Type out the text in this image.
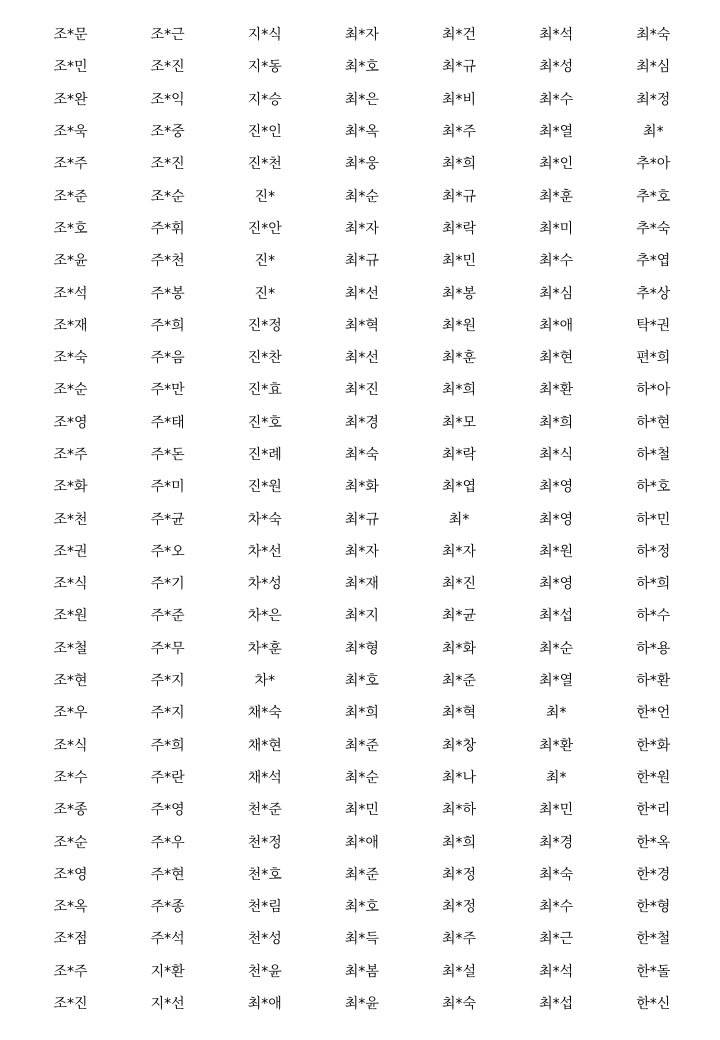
조*문	조*근	지*식	최*자	최*건	최*석	최*숙
조*민	조*진	지*동	최*호	최*규	최*성	최*심
조*완	조*익	지*승	최*은	최*비	최*수	최*정
조*욱	조*중	진*인	최*옥	최*주	최*열	최*
조*주	조*진	진*천	최*웅	최*희	최*인	추*아
조*준	조*순	진*	최*순	최*규	최*훈	추*호
조*호	주*휘	진*안	최*자	최*락	최*미	추*숙
조*윤	주*천	진*	최*규	최*민	최*수	추*엽
조*석	주*봉	진*	최*선	최*봉	최*심	추*상
조*재	주*희	진*정	최*혁	최*원	최*애	탁*권
조*숙	주*음	진*찬	최*선	최*훈	최*현	편*희
조*순	주*만	진*효	최*진	최*희	최*환	하*아
조*영	주*태	진*호	최*경	최*모	최*희	하*현
조*주	주*돈	진*례	최*숙	최*락	최*식	하*철
조*화	주*미	진*원	최*화	최*엽	최*영	하*호
조*천	주*균	차*숙	최*규	최*	최*영	하*민
조*권	주*오	차*선	최*자	최*자	최*원	하*정
조*식	주*기	차*성	최*재	최*진	최*영	하*희
조*원	주*준	차*은	최*지	최*균	최*섭	하*수
조*철	주*무	차*훈	최*형	최*화	최*순	하*용
조*현	주*지	차*	최*호	최*준	최*열	하*환
조*우	주*지	채*숙	최*희	최*혁	최*	한*언
조*식	주*희	채*현	최*준	최*창	최*환	한*화
조*수	주*란	채*석	최*순	최*나	최*	한*원
조*종	주*영	천*준	최*민	최*하	최*민	한*리
조*순	주*우	천*정	최*애	최*희	최*경	한*옥
조*영	주*현	천*호	최*준	최*정	최*숙	한*경
조*옥	주*종	천*림	최*호	최*정	최*수	한*형
조*점	주*석	천*성	최*득	최*주	최*근	한*철
조*주	지*환	천*윤	최*봄	최*설	최*석	한*돌
조*진	지*선	최*애	최*윤	최*숙	최*섭	한*신
